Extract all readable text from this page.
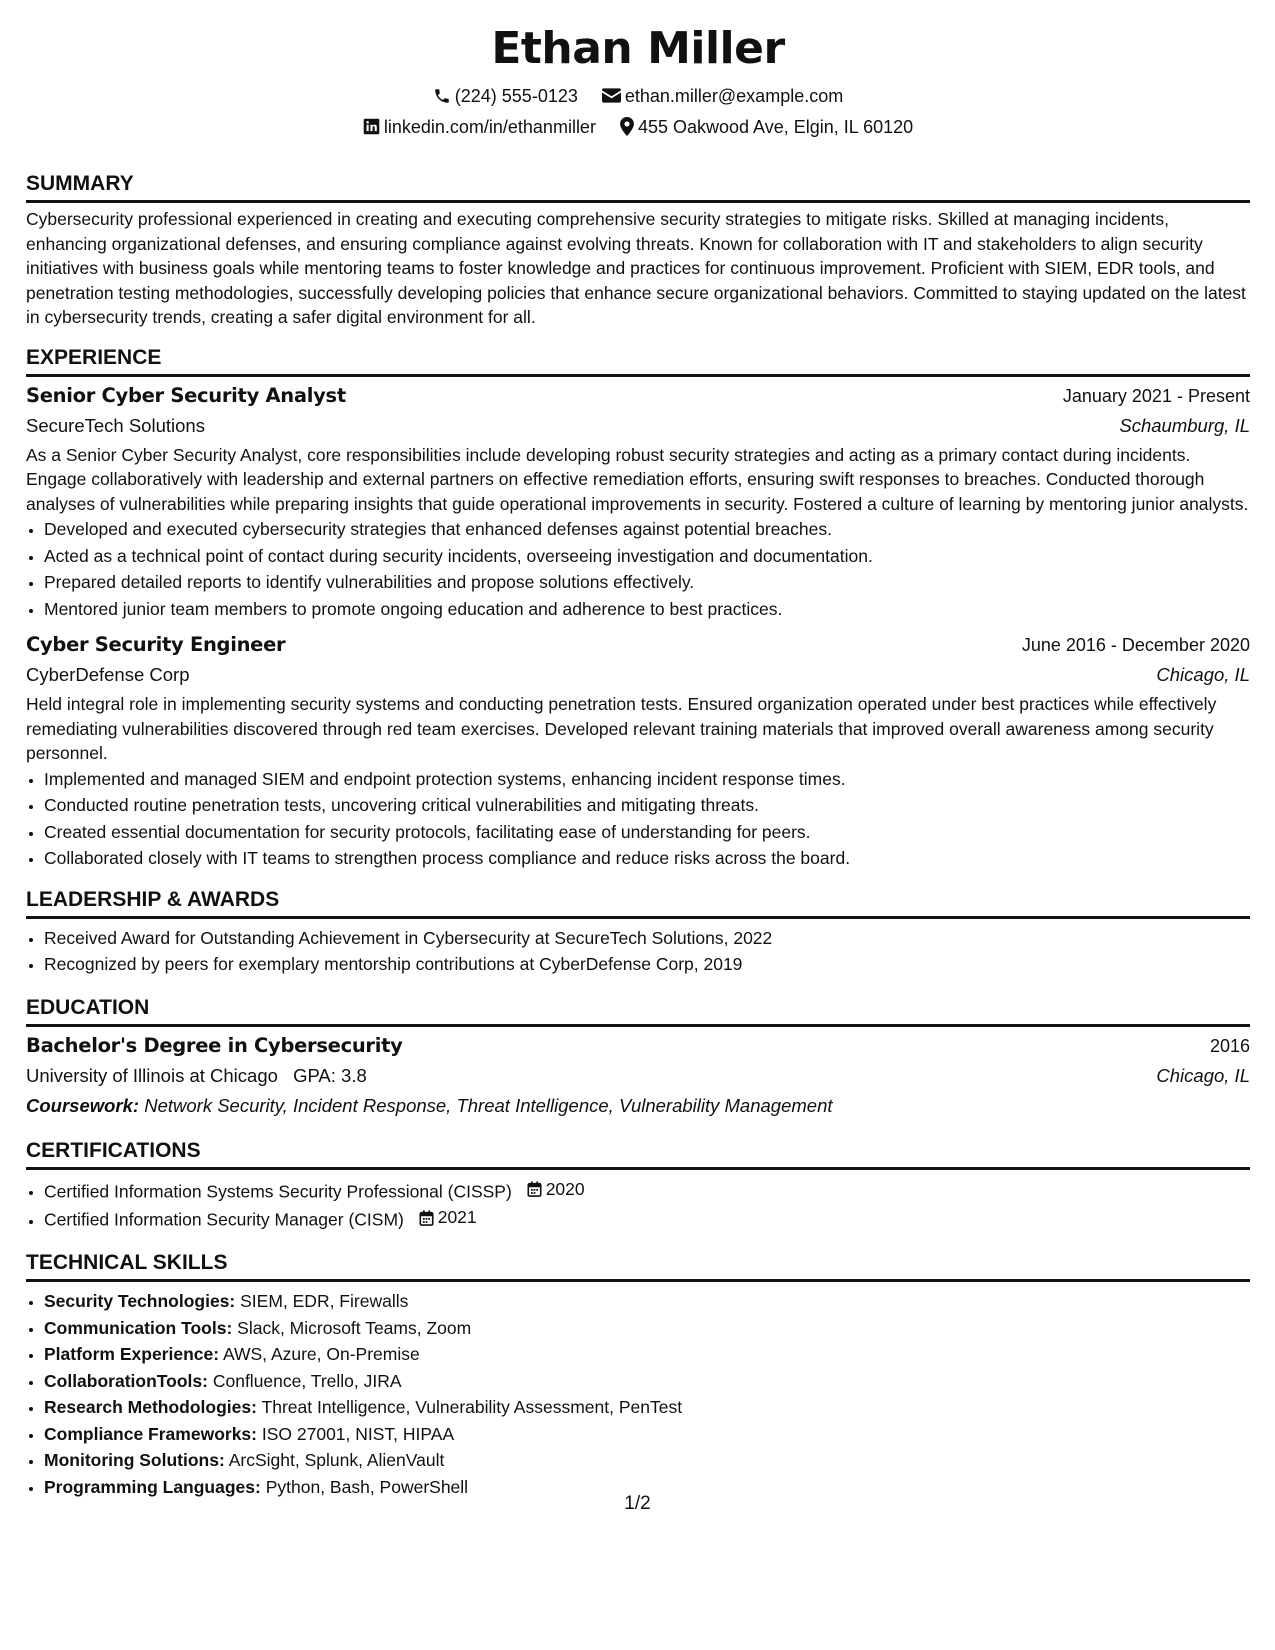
Ethan Miller
(224) 555-0123	ethan.miller@example.com
linkedin.com/in/ethanmiller 455 Oakwood Ave, Elgin, IL 60120
SUMMARY

Cybersecurity professional experienced in creating and executing comprehensive security strategies to mitigate risks. Skilled at managing incidents, enhancing organizational defenses, and ensuring compliance against evolving threats. Known for collaboration with IT and stakeholders to align security initiatives with business goals while mentoring teams to foster knowledge and practices for continuous improvement. Proficient with SIEM, EDR tools, and penetration testing methodologies, successfully developing policies that enhance secure organizational behaviors. Committed to staying updated on the latest in cybersecurity trends, creating a safer digital environment for all.

EXPERIENCE
Senior Cyber Security Analyst	January 2021 - Present
SecureTech Solutions	Schaumburg, IL

As a Senior Cyber Security Analyst, core responsibilities include developing robust security strategies and acting as a primary contact during incidents. Engage collaboratively with leadership and external partners on effective remediation efforts, ensuring swift responses to breaches. Conducted thorough analyses of vulnerabilities while preparing insights that guide operational improvements in security. Fostered a culture of learning by mentoring junior analysts.

• Developed and executed cybersecurity strategies that enhanced defenses against potential breaches.
• Acted as a technical point of contact during security incidents, overseeing investigation and documentation.
• Prepared detailed reports to identify vulnerabilities and propose solutions effectively.
• Mentored junior team members to promote ongoing education and adherence to best practices.
Cyber Security Engineer	June 2016 - December 2020
CyberDefense Corp	Chicago, IL

Held integral role in implementing security systems and conducting penetration tests. Ensured organization operated under best practices while effectively remediating vulnerabilities discovered through red team exercises. Developed relevant training materials that improved overall awareness among security personnel.

• Implemented and managed SIEM and endpoint protection systems, enhancing incident response times.
• Conducted routine penetration tests, uncovering critical vulnerabilities and mitigating threats.
• Created essential documentation for security protocols, facilitating ease of understanding for peers.
• Collaborated closely with IT teams to strengthen process compliance and reduce risks across the board.
LEADERSHIP & AWARDS
• Received Award for Outstanding Achievement in Cybersecurity at SecureTech Solutions, 2022
• Recognized by peers for exemplary mentorship contributions at CyberDefense Corp, 2019
EDUCATION
Bachelor's Degree in Cybersecurity	2016
University of Illinois at Chicago GPA: 3.8	Chicago, IL
Coursework: Network Security, Incident Response, Threat Intelligence, Vulnerability Management
CERTIFICATIONS
• Certified Information Systems Security Professional (CISSP) 2020
• Certified Information Security Manager (CISM) 2021
TECHNICAL SKILLS
• Security Technologies: SIEM, EDR, Firewalls
• Communication Tools: Slack, Microsoft Teams, Zoom
• Platform Experience: AWS, Azure, On-Premise
• CollaborationTools: Confluence, Trello, JIRA
• Research Methodologies: Threat Intelligence, Vulnerability Assessment, PenTest
• Compliance Frameworks: ISO 27001, NIST, HIPAA
• Monitoring Solutions: ArcSight, Splunk, AlienVault
• Programming Languages: Python, Bash, PowerShell
1/2
